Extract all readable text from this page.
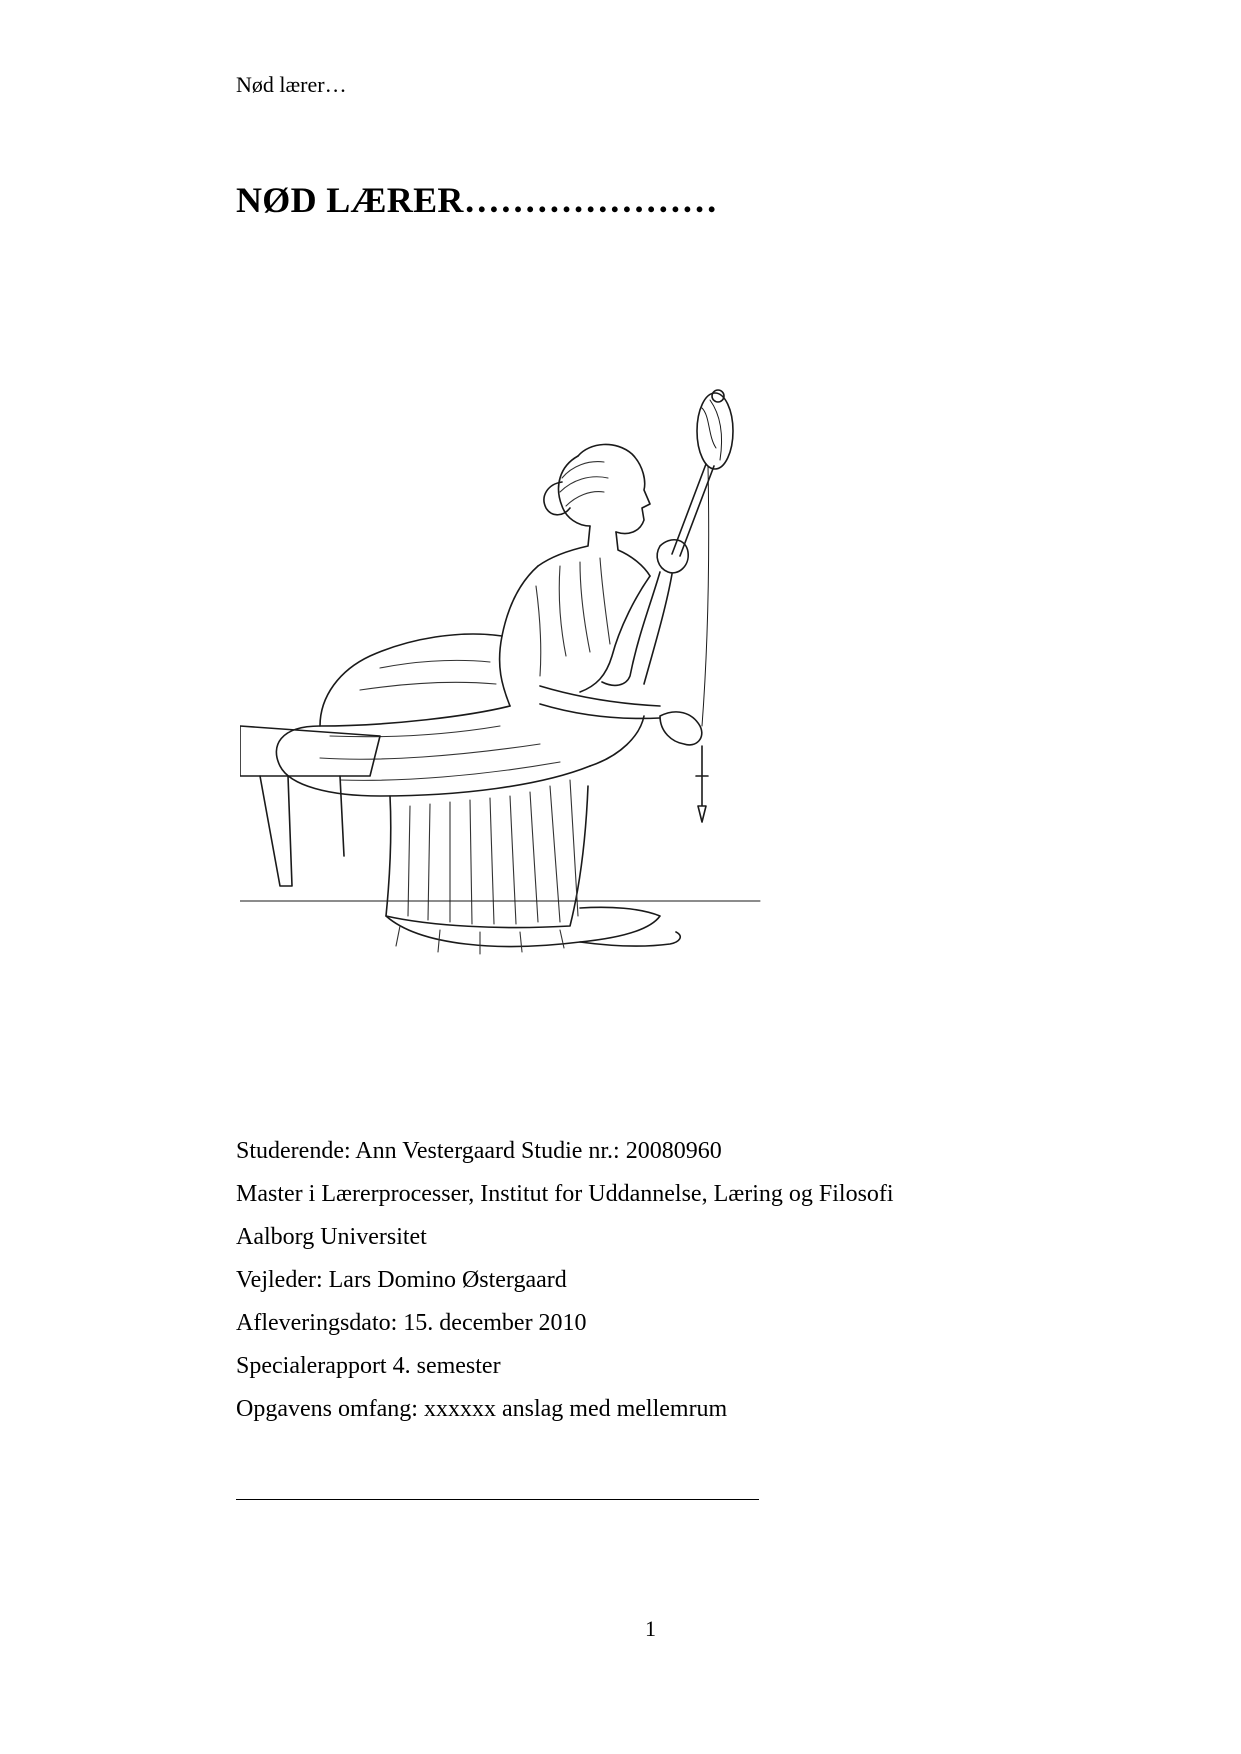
Nød lærer…
NØD LÆRER…………………
Studerende: Ann Vestergaard Studie nr.: 20080960
Master i Lærerprocesser, Institut for Uddannelse, Læring og Filosofi
Aalborg Universitet
Vejleder: Lars Domino Østergaard
Afleveringsdato: 15. december 2010
Specialerapport 4. semester
Opgavens omfang: xxxxxx anslag med mellemrum
1
